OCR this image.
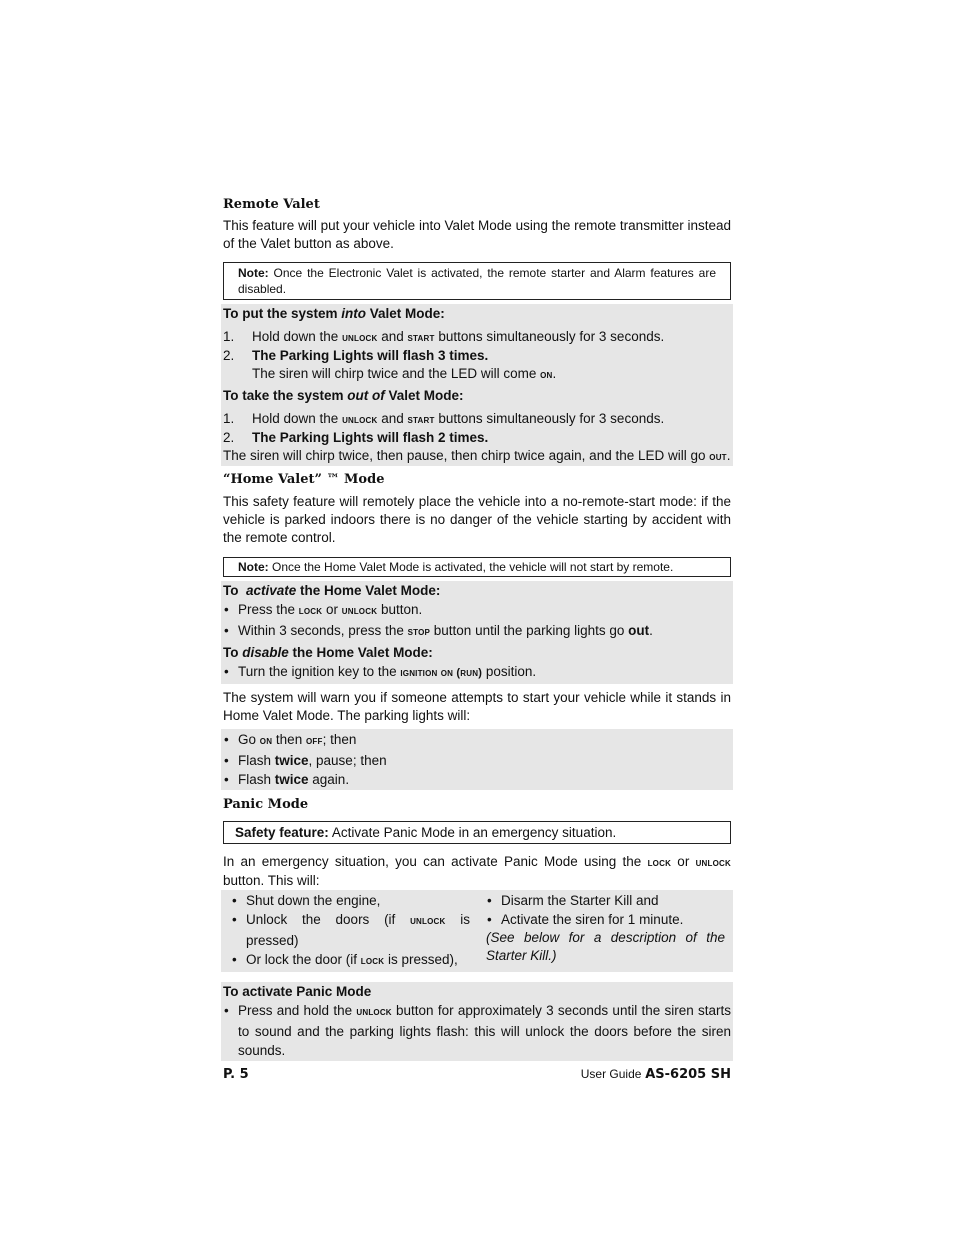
Remote Valet

This feature will put your vehicle into Valet Mode using the remote transmitter instead of the Valet button as above.

Note: Once the Electronic Valet is activated, the remote starter and Alarm features are disabled.

To put the system into Valet Mode:

1.	Hold down the unlock and start buttons simultaneously for 3 seconds.
2.	The Parking Lights will flash 3 times.
The siren will chirp twice and the LED will come on.

To take the system out of Valet Mode:

1.	Hold down the unlock and start buttons simultaneously for 3 seconds.
2.	The Parking Lights will flash 2 times.
The siren will chirp twice, then pause, then chirp twice again, and the LED will go out.

“Home Valet” ™ Mode

This safety feature will remotely place the vehicle into a no-remote-start mode: if the vehicle is parked indoors there is no danger of the vehicle starting by accident with the remote control.

Note: Once the Home Valet Mode is activated, the vehicle will not start by remote.

To  activate the Home Valet Mode:

• Press the lock or unlock button.
• Within 3 seconds, press the stop button until the parking lights go out.

To disable the Home Valet Mode:

• Turn the ignition key to the ignition on (run) position.

The system will warn you if someone attempts to start your vehicle while it stands in Home Valet Mode. The parking lights will:

• Go on then off; then
• Flash twice, pause; then
• Flash twice again.

Panic Mode

Safety feature: Activate Panic Mode in an emergency situation.

In an emergency situation, you can activate Panic Mode using the lock or unlock button. This will:

• Shut down the engine,
• Unlock the doors (if unlock is pressed)
• Or lock the door (if lock is pressed),
• Disarm the Starter Kill and
• Activate the siren for 1 minute.
(See below for a description of the Starter Kill.)

To activate Panic Mode

• Press and hold the unlock button for approximately 3 seconds until the siren starts to sound and the parking lights flash: this will unlock the doors before the siren sounds.
P. 5	User Guide AS-6205 SH
